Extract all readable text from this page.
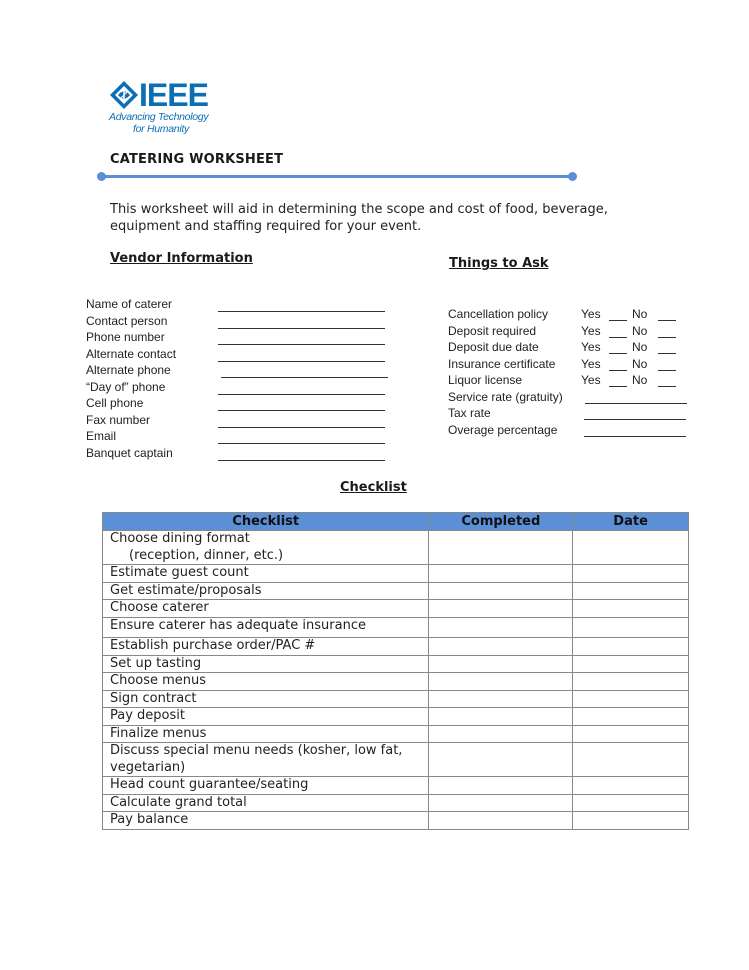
IEEE
Advancing Technology
for Humanity
CATERING WORKSHEET
This worksheet will aid in determining the scope and cost of food, beverage, equipment and staffing required for your event.
Vendor Information	Things to Ask
Name of caterer
Contact person
Phone number
Alternate contact
Alternate phone
“Day of” phone
Cell phone
Fax number
Email
Banquet captain
Cancellation policy	Yes	No
Deposit required	Yes	No
Deposit due date	Yes	No
Insurance certificate Yes	No
Liquor license	Yes	No
Service rate (gratuity)
Tax rate
Overage percentage
Checklist
Checklist	Completed	Date
Choose dining format
(reception, dinner, etc.)		

Estimate guest count		
Get estimate/proposals		
Choose caterer		
Ensure caterer has adequate insurance		
Establish purchase order/PAC #		
Set up tasting		
Choose menus		
Sign contract		
Pay deposit		
Finalize menus		
Discuss special menu needs (kosher, low fat, vegetarian)		
Head count guarantee/seating		
Calculate grand total		
Pay balance		
